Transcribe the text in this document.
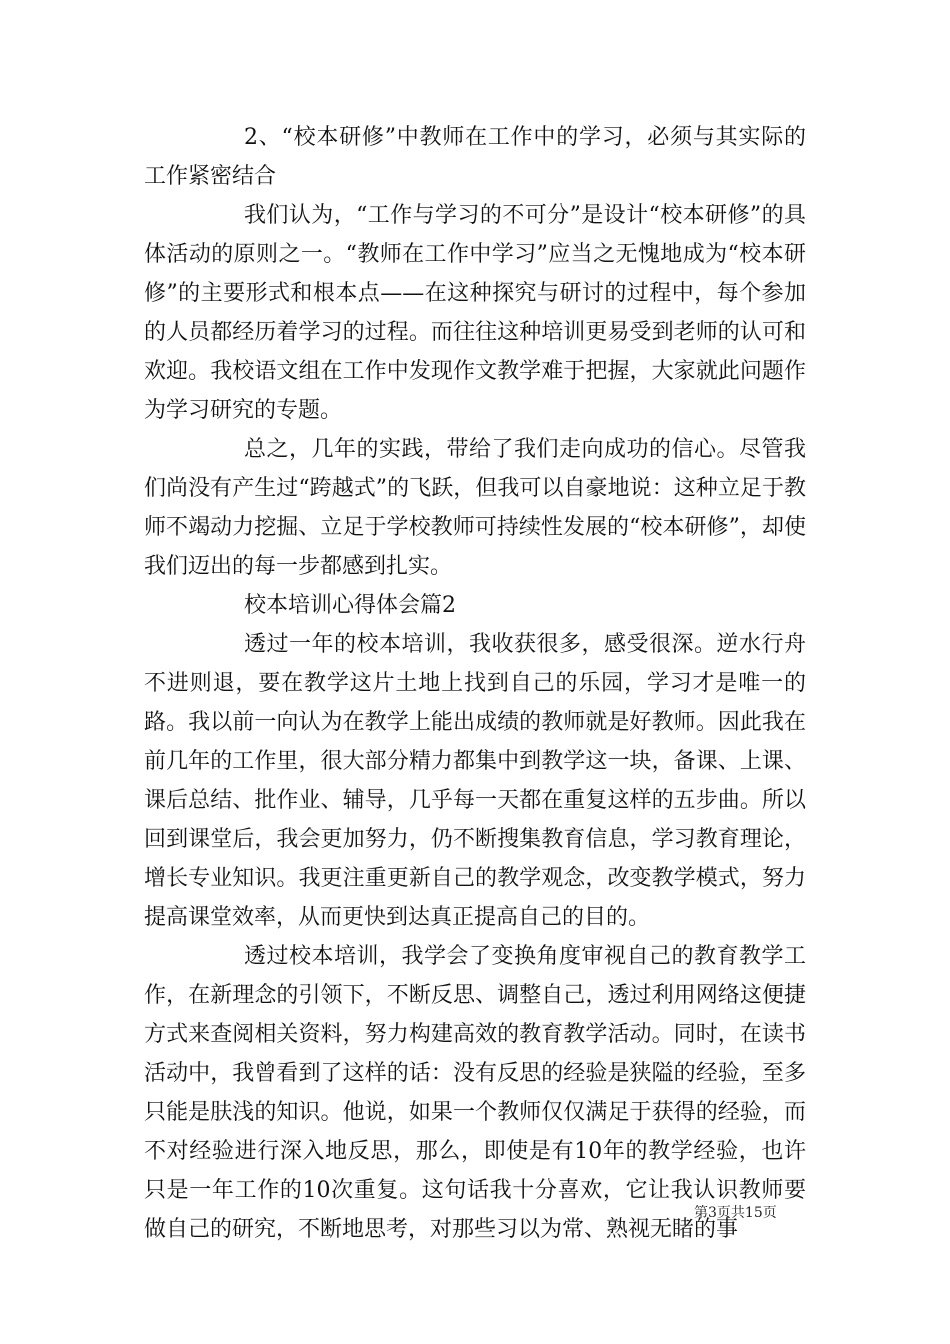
2、“校本研修”中教师在工作中的学习，必须与其实际的工作紧密结合

我们认为，“工作与学习的不可分”是设计“校本研修”的具体活动的原则之一。“教师在工作中学习”应当之无愧地成为“校本研修”的主要形式和根本点——在这种探究与研讨的过程中，每个参加的人员都经历着学习的过程。而往往这种培训更易受到老师的认可和欢迎。我校语文组在工作中发现作文教学难于把握，大家就此问题作为学习研究的专题。

总之，几年的实践，带给了我们走向成功的信心。尽管我们尚没有产生过“跨越式”的飞跃，但我可以自豪地说：这种立足于教师不竭动力挖掘、立足于学校教师可持续性发展的“校本研修”，却使我们迈出的每一步都感到扎实。

校本培训心得体会篇2

透过一年的校本培训，我收获很多，感受很深。逆水行舟不进则退，要在教学这片土地上找到自己的乐园，学习才是唯一的路。我以前一向认为在教学上能出成绩的教师就是好教师。因此我在前几年的工作里，很大部分精力都集中到教学这一块，备课、上课、课后总结、批作业、辅导，几乎每一天都在重复这样的五步曲。所以回到课堂后，我会更加努力，仍不断搜集教育信息，学习教育理论，增长专业知识。我更注重更新自己的教学观念，改变教学模式，努力提高课堂效率，从而更快到达真正提高自己的目的。

透过校本培训，我学会了变换角度审视自己的教育教学工作，在新理念的引领下，不断反思、调整自己，透过利用网络这便捷方式来查阅相关资料，努力构建高效的教育教学活动。同时，在读书活动中，我曾看到了这样的话：没有反思的经验是狭隘的经验，至多只能是肤浅的知识。他说，如果一个教师仅仅满足于获得的经验，而不对经验进行深入地反思，那么，即使是有10年的教学经验，也许只是一年工作的10次重复。这句话我十分喜欢，它让我认识教师要做自己的研究，不断地思考，对那些习以为常、熟视无睹的事

第3页共15页
